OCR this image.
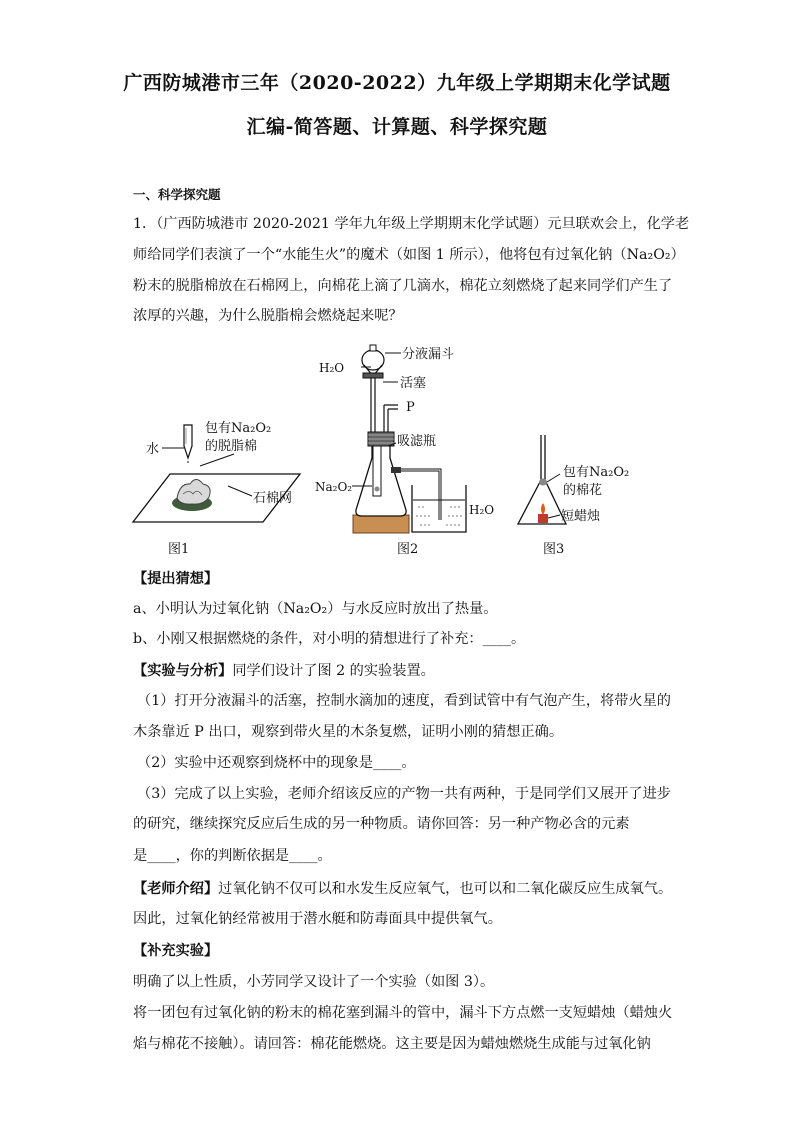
广西防城港市三年（2020-2022）九年级上学期期末化学试题
汇编-简答题、计算题、科学探究题
一、科学探究题
1．（广西防城港市 2020-2021 学年九年级上学期期末化学试题）元旦联欢会上，化学老
师给同学们表演了一个“水能生火”的魔术（如图 1 所示），他将包有过氧化钠（Na₂O₂）
粉末的脱脂棉放在石棉网上，向棉花上滴了几滴水，棉花立刻燃烧了起来同学们产生了
浓厚的兴趣，为什么脱脂棉会燃烧起来呢？
水
包有Na₂O₂
的脱脂棉
石棉网
图1
H₂O
分液漏斗
活塞
P
吸滤瓶
Na₂O₂
H₂O
图2
包有Na₂O₂
的棉花
短蜡烛
图3
【提出猜想】
a、小明认为过氧化钠（Na₂O₂）与水反应时放出了热量。
b、小刚又根据燃烧的条件，对小明的猜想进行了补充：____。
【实验与分析】同学们设计了图 2 的实验装置。
（1）打开分液漏斗的活塞，控制水滴加的速度，看到试管中有气泡产生，将带火星的
木条靠近 P 出口，观察到带火星的木条复燃，证明小刚的猜想正确。
（2）实验中还观察到烧杯中的现象是____。
（3）完成了以上实验，老师介绍该反应的产物一共有两种，于是同学们又展开了进步
的研究，继续探究反应后生成的另一种物质。请你回答：另一种产物必含的元素
是____，你的判断依据是____。
【老师介绍】过氧化钠不仅可以和水发生反应氧气，也可以和二氧化碳反应生成氧气。
因此，过氧化钠经常被用于潜水艇和防毒面具中提供氧气。
【补充实验】
明确了以上性质，小芳同学又设计了一个实验（如图 3）。
将一团包有过氧化钠的粉末的棉花塞到漏斗的管中，漏斗下方点燃一支短蜡烛（蜡烛火
焰与棉花不接触）。请回答：棉花能燃烧。这主要是因为蜡烛燃烧生成能与过氧化钠
